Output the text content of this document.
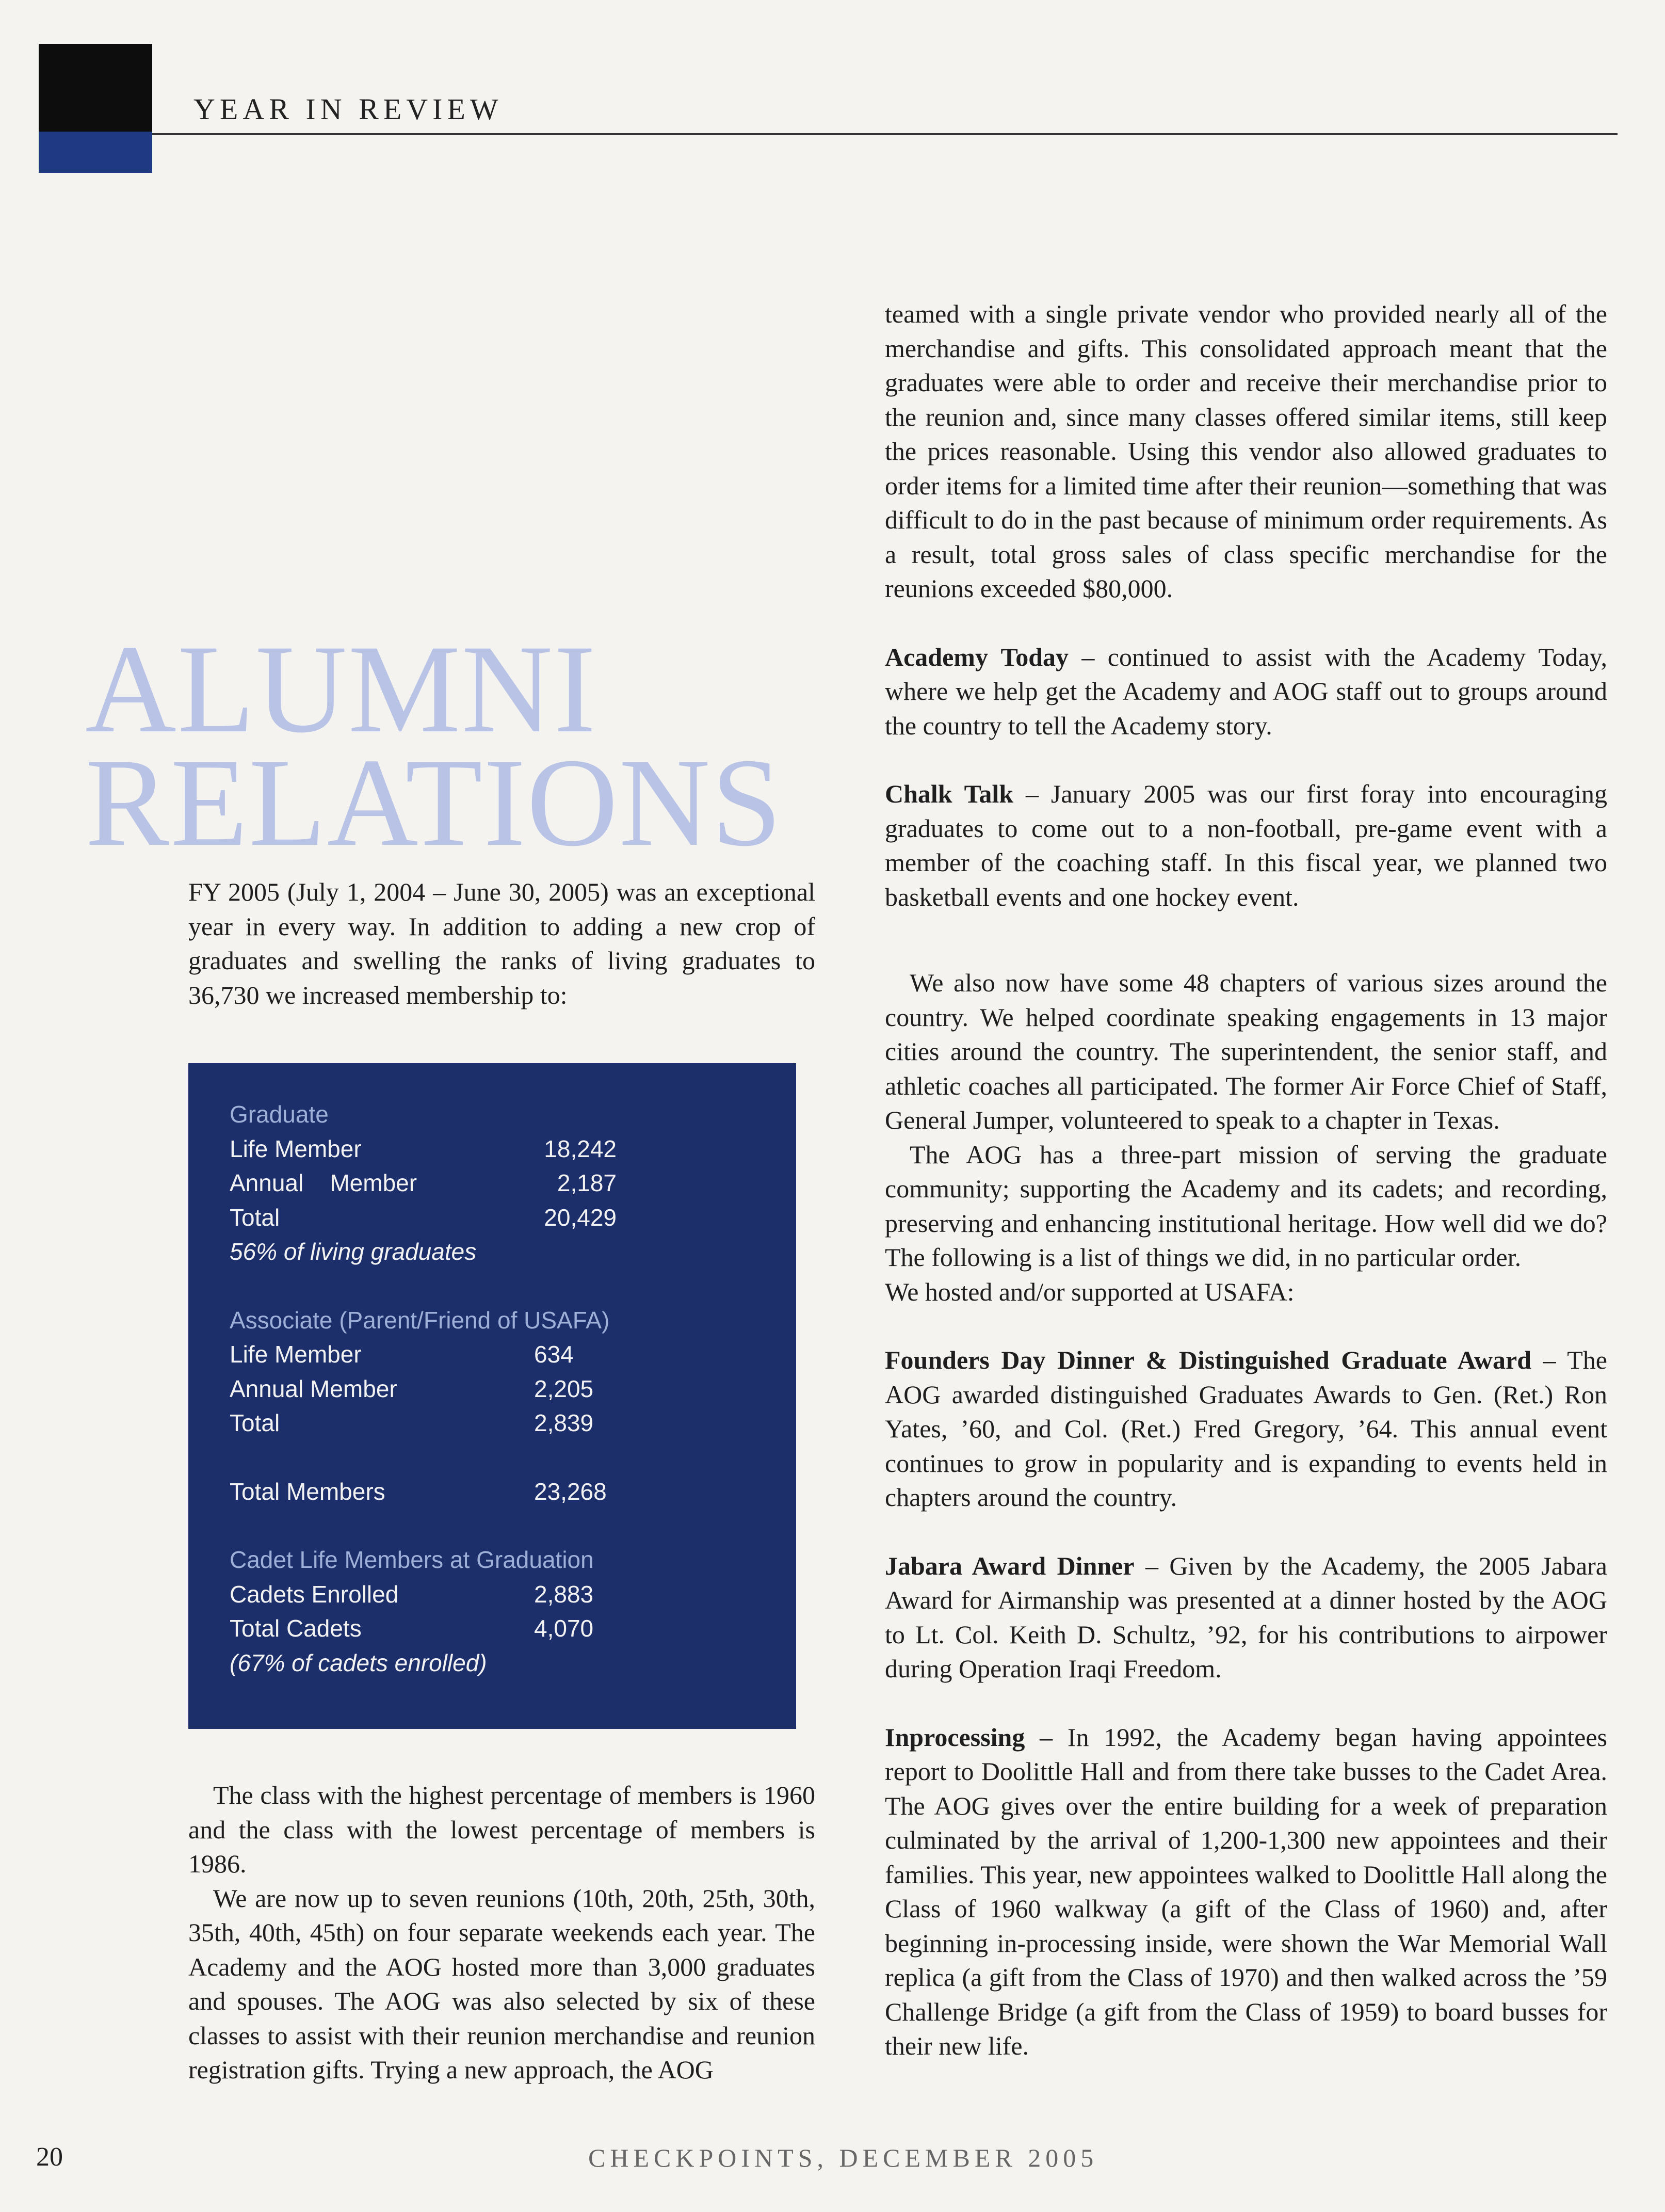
YEAR IN REVIEW
ALUMNI
RELATIONS

FY 2005 (July 1, 2004 – June 30, 2005) was an exceptional year in every way. In addition to adding a new crop of graduates and swelling the ranks of living graduates to 36,730 we increased membership to:

Graduate
Life Member	18,242
Annual    Member	2,187
Total	20,429
56% of living graduates
Associate (Parent/Friend of USAFA)
Life Member	634
Annual Member	2,205
Total	2,839
Total Members	23,268
Cadet Life Members at Graduation
Cadets Enrolled	2,883
Total Cadets	4,070
(67% of cadets enrolled)

The class with the highest percentage of members is 1960 and the class with the lowest percentage of members is 1986.

We are now up to seven reunions (10th, 20th, 25th, 30th, 35th, 40th, 45th) on four separate weekends each year. The Academy and the AOG hosted more than 3,000 graduates and spouses. The AOG was also selected by six of these classes to assist with their reunion merchandise and reunion registration gifts. Trying a new approach, the AOG

teamed with a single private vendor who provided nearly all of the merchandise and gifts. This consolidated approach meant that the graduates were able to order and receive their merchandise prior to the reunion and, since many classes offered similar items, still keep the prices reasonable. Using this vendor also allowed graduates to order items for a limited time after their reunion—something that was difficult to do in the past because of minimum order requirements. As a result, total gross sales of class specific merchandise for the reunions exceeded $80,000.

Academy Today – continued to assist with the Academy Today, where we help get the Academy and AOG staff out to groups around the country to tell the Academy story.

Chalk Talk – January 2005 was our first foray into encouraging graduates to come out to a non-football, pre-game event with a member of the coaching staff. In this fiscal year, we planned two basketball events and one hockey event.

We also now have some 48 chapters of various sizes around the country. We helped coordinate speaking engagements in 13 major cities around the country. The superintendent, the senior staff, and athletic coaches all participated. The former Air Force Chief of Staff, General Jumper, volunteered to speak to a chapter in Texas.

The AOG has a three-part mission of serving the graduate community; supporting the Academy and its cadets; and recording, preserving and enhancing institutional heritage. How well did we do? The following is a list of things we did, in no particular order.

We hosted and/or supported at USAFA:

Founders Day Dinner & Distinguished Graduate Award – The AOG awarded distinguished Graduates Awards to Gen. (Ret.) Ron Yates, ’60, and Col. (Ret.) Fred Gregory, ’64. This annual event continues to grow in popularity and is expanding to events held in chapters around the country.

Jabara Award Dinner – Given by the Academy, the 2005 Jabara Award for Airmanship was presented at a dinner hosted by the AOG to Lt. Col. Keith D. Schultz, ’92, for his contributions to airpower during Operation Iraqi Freedom.

Inprocessing – In 1992, the Academy began having appointees report to Doolittle Hall and from there take busses to the Cadet Area. The AOG gives over the entire building for a week of preparation culminated by the arrival of 1,200-1,300 new appointees and their families. This year, new appointees walked to Doolittle Hall along the Class of 1960 walkway (a gift of the Class of 1960) and, after beginning in-processing inside, were shown the War Memorial Wall replica (a gift from the Class of 1970) and then walked across the ’59 Challenge Bridge (a gift from the Class of 1959) to board busses for their new life.

20	CHECKPOINTS, DECEMBER 2005
